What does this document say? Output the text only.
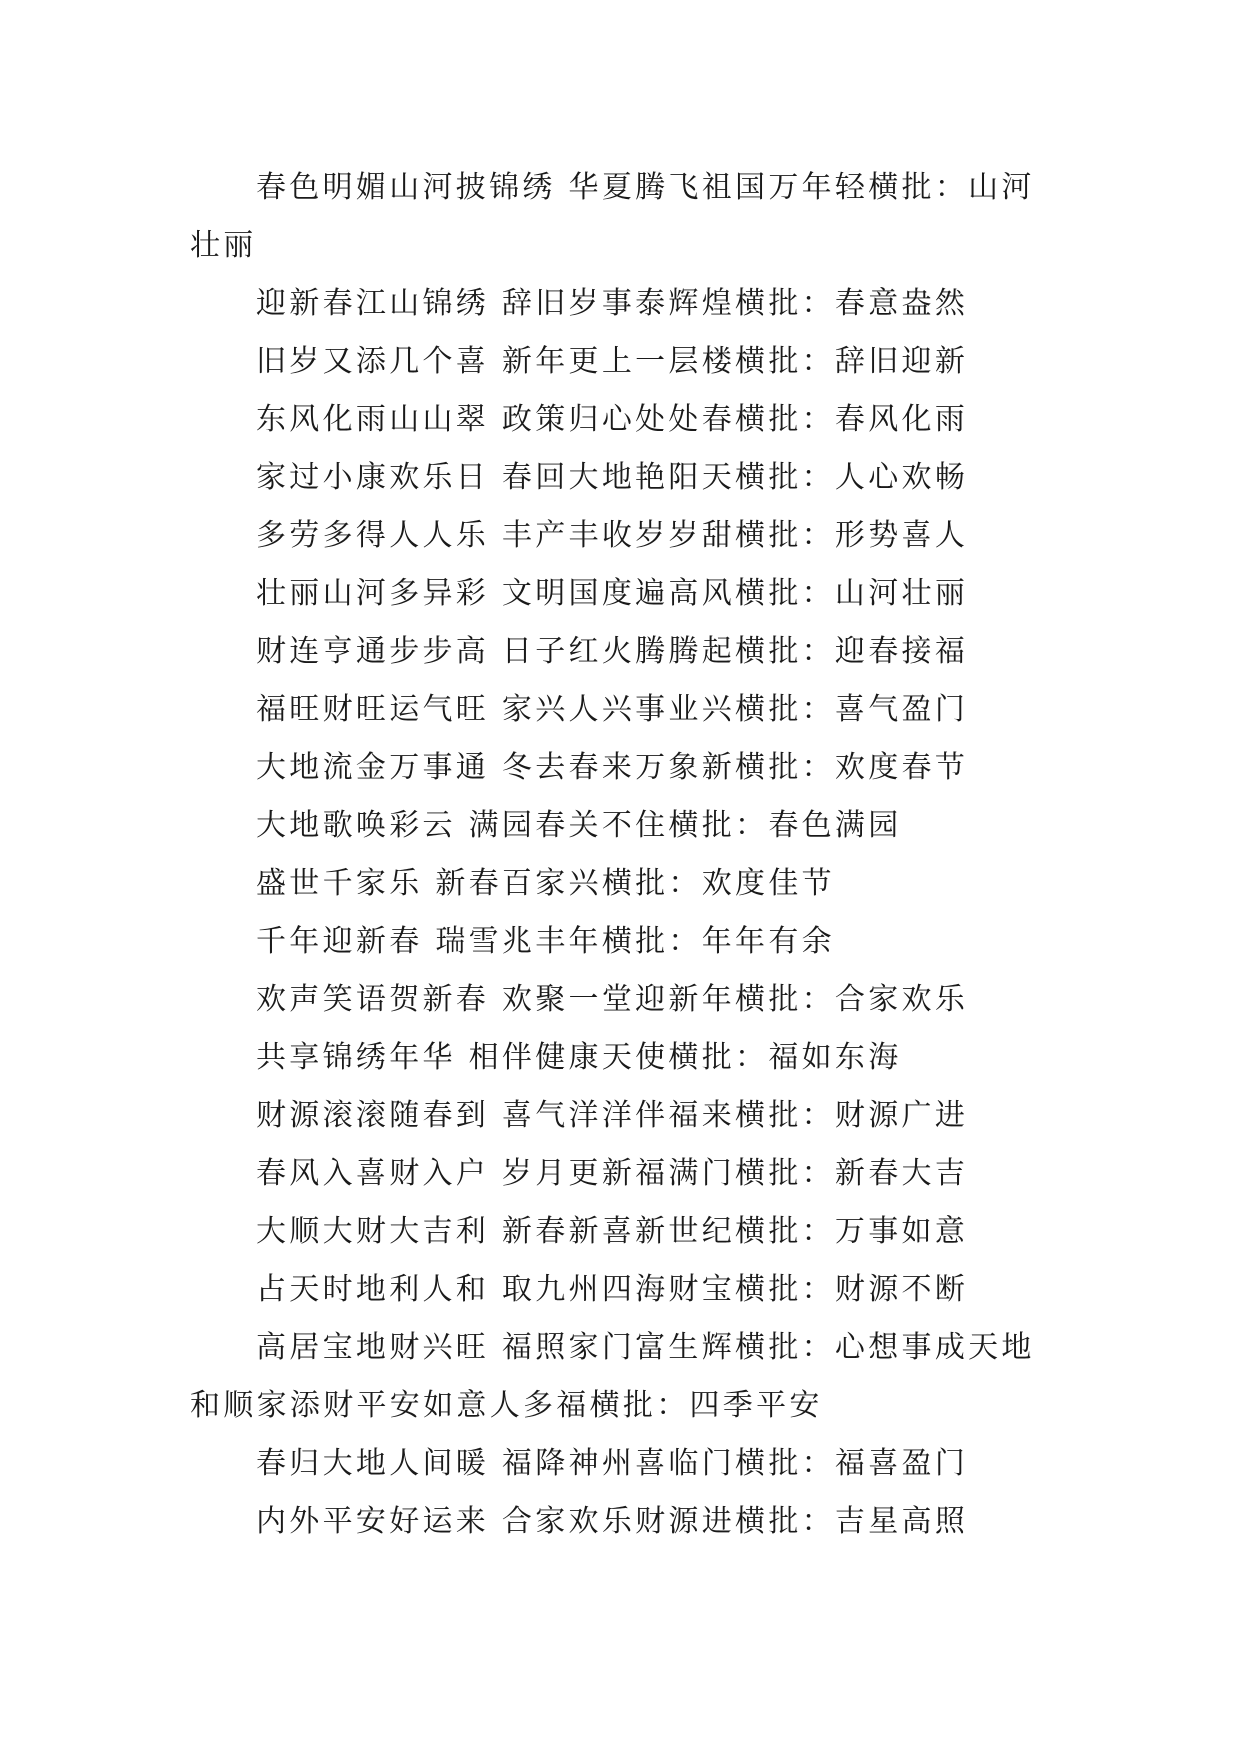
春色明媚山河披锦绣 华夏腾飞祖国万年轻横批：山河壮丽

迎新春江山锦绣 辞旧岁事泰辉煌横批：春意盎然

旧岁又添几个喜 新年更上一层楼横批：辞旧迎新

东风化雨山山翠 政策归心处处春横批：春风化雨

家过小康欢乐日 春回大地艳阳天横批：人心欢畅

多劳多得人人乐 丰产丰收岁岁甜横批：形势喜人

壮丽山河多异彩 文明国度遍高风横批：山河壮丽

财连亨通步步高 日子红火腾腾起横批：迎春接福

福旺财旺运气旺 家兴人兴事业兴横批：喜气盈门

大地流金万事通 冬去春来万象新横批：欢度春节

大地歌唤彩云 满园春关不住横批：春色满园

盛世千家乐 新春百家兴横批：欢度佳节

千年迎新春 瑞雪兆丰年横批：年年有余

欢声笑语贺新春 欢聚一堂迎新年横批：合家欢乐

共享锦绣年华 相伴健康天使横批：福如东海

财源滚滚随春到 喜气洋洋伴福来横批：财源广进

春风入喜财入户 岁月更新福满门横批：新春大吉

大顺大财大吉利 新春新喜新世纪横批：万事如意

占天时地利人和 取九州四海财宝横批：财源不断

高居宝地财兴旺 福照家门富生辉横批：心想事成天地和顺家添财平安如意人多福横批：四季平安

春归大地人间暖 福降神州喜临门横批：福喜盈门

内外平安好运来 合家欢乐财源进横批：吉星高照
